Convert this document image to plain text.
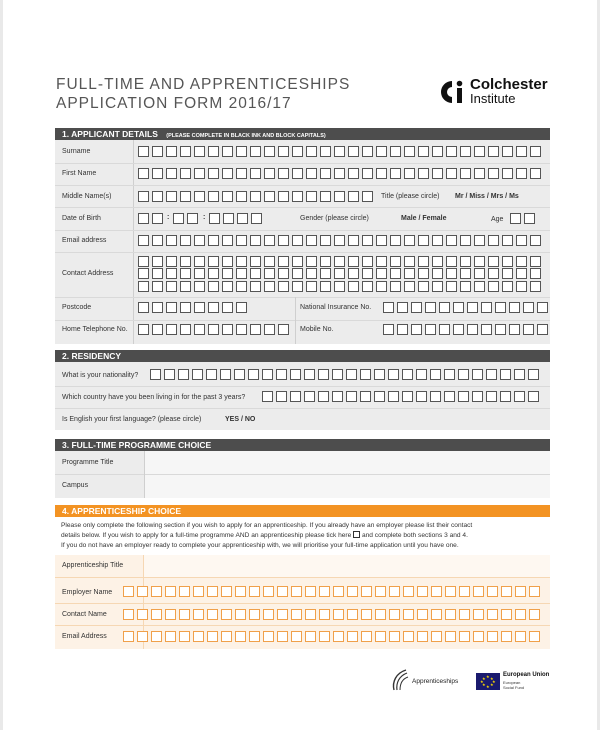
FULL-TIME AND APPRENTICESHIPS
APPLICATION FORM 2016/17
Colchester
Institute
1. APPLICANT DETAILS (PLEASE COMPLETE IN BLACK INK AND BLOCK CAPITALS)
Surname
First Name
Middle Name(s)	Title (please circle) Mr / Miss / Mrs / Ms
Date of Birth	:	:	Gender (please circle)	Male / Female	Age
Email address
Contact Address
Postcode	National Insurance No.
Home Telephone No.	Mobile No.
2. RESIDENCY
What is your nationality?
Which country have you been living in for the past 3 years?
Is English your first language? (please circle)	YES / NO
3. FULL-TIME PROGRAMME CHOICE
Programme Title
Campus
4. APPRENTICESHIP CHOICE
Please only complete the following section if you wish to apply for an apprenticeship. If you already have an employer please list their contact
details below. If you wish to apply for a full-time programme AND an apprenticeship please tick here and complete both sections 3 and 4.
If you do not have an employer ready to complete your apprenticeship with, we will prioritise your full-time application until you have one.
Apprenticeship Title
Employer Name
Contact Name
Email Address
Apprenticeships
★ ★
★
★
★
★
★
★
European Union
European
Social Fund
